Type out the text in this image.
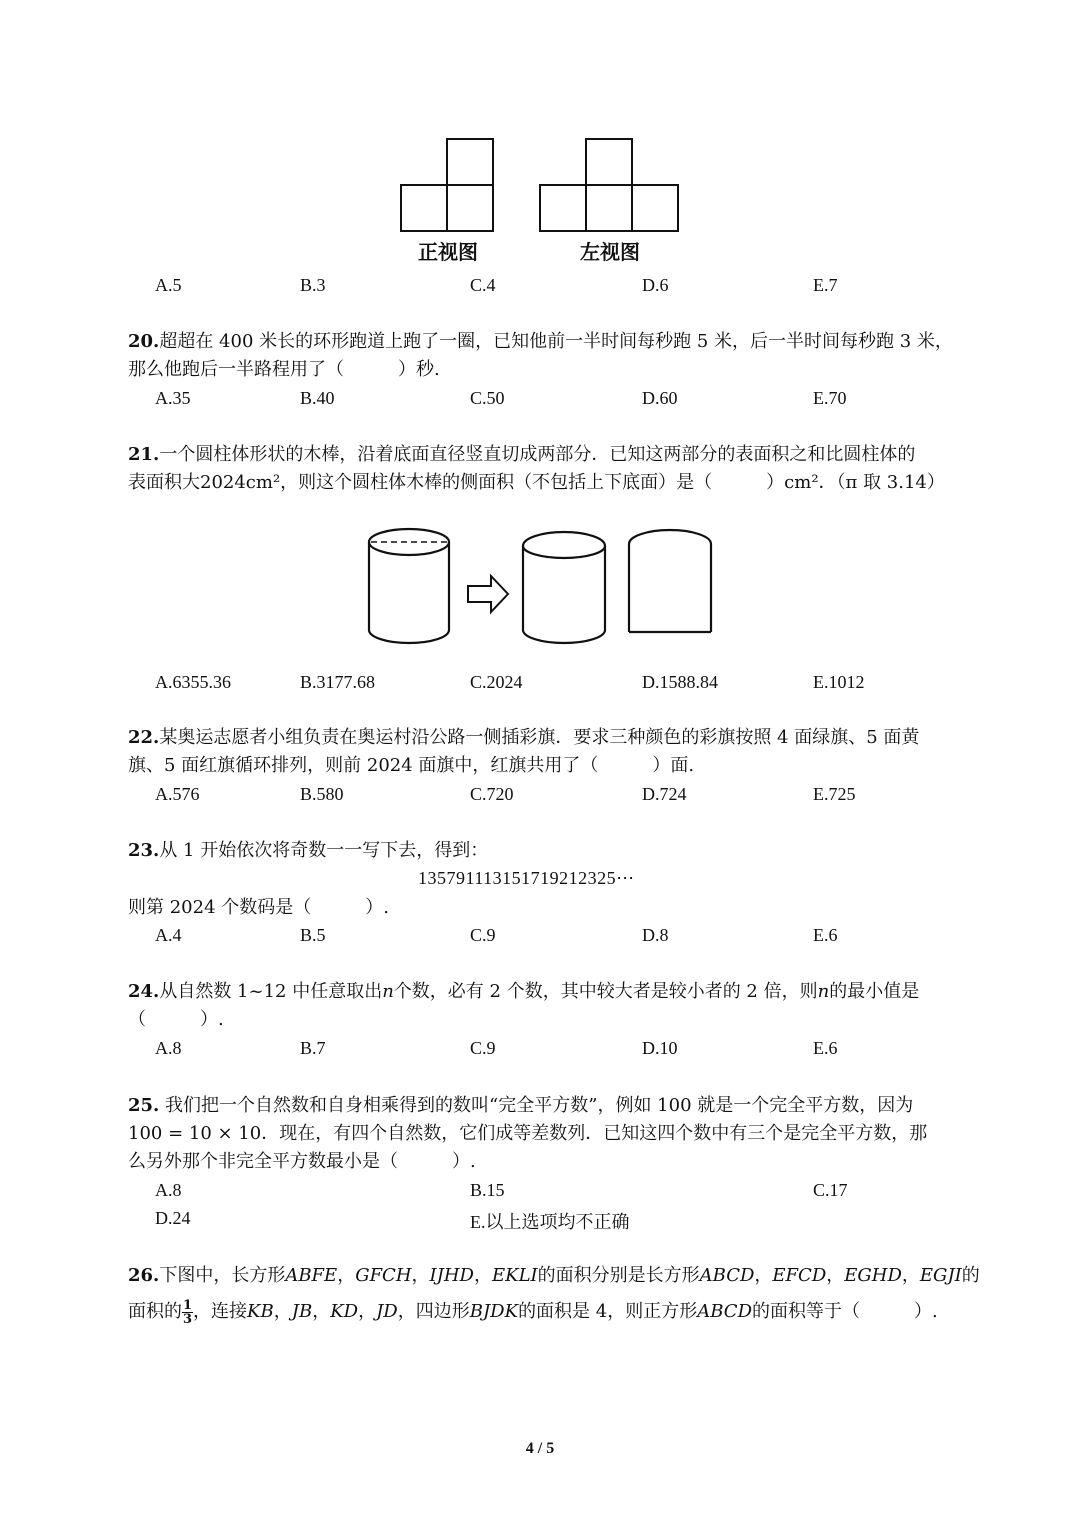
正视图	左视图
A.5	B.3	C.4	D.6	E.7
20.超超在 400 米长的环形跑道上跑了一圈，已知他前一半时间每秒跑 5 米，后一半时间每秒跑 3 米，
那么他跑后一半路程用了（　　　）秒.
A.35	B.40	C.50	D.60	E.70
21.一个圆柱体形状的木棒，沿着底面直径竖直切成两部分．已知这两部分的表面积之和比圆柱体的
表面积大2024cm²，则这个圆柱体木棒的侧面积（不包括上下底面）是（　　　）cm²．（π 取 3.14）
A.6355.36	B.3177.68	C.2024	D.1588.84	E.1012
22.某奥运志愿者小组负责在奥运村沿公路一侧插彩旗．要求三种颜色的彩旗按照 4 面绿旗、5 面黄
旗、5 面红旗循环排列，则前 2024 面旗中，红旗共用了（　　　）面.
A.576	B.580	C.720	D.724	E.725
23.从 1 开始依次将奇数一一写下去，得到：
135791113151719212325⋯
则第 2024 个数码是（　　　）.
A.4	B.5	C.9	D.8	E.6
24.从自然数 1~12 中任意取出n个数，必有 2 个数，其中较大者是较小者的 2 倍，则n的最小值是
（　　　）.
A.8	B.7	C.9	D.10	E.6
25. 我们把一个自然数和自身相乘得到的数叫“完全平方数”，例如 100 就是一个完全平方数，因为
100 = 10 × 10．现在，有四个自然数，它们成等差数列．已知这四个数中有三个是完全平方数，那
么另外那个非完全平方数最小是（　　　）.
A.8	B.15	C.17
D.24	E.以上选项均不正确
26.下图中，长方形ABFE，GFCH，IJHD，EKLI的面积分别是长方形ABCD，EFCD，EGHD，EGJI的
面积的 $\frac{1}{3}$ ，连接KB，JB，KD，JD，四边形BJDK的面积是 4，则正方形ABCD的面积等于（　　　）.
4 / 5
